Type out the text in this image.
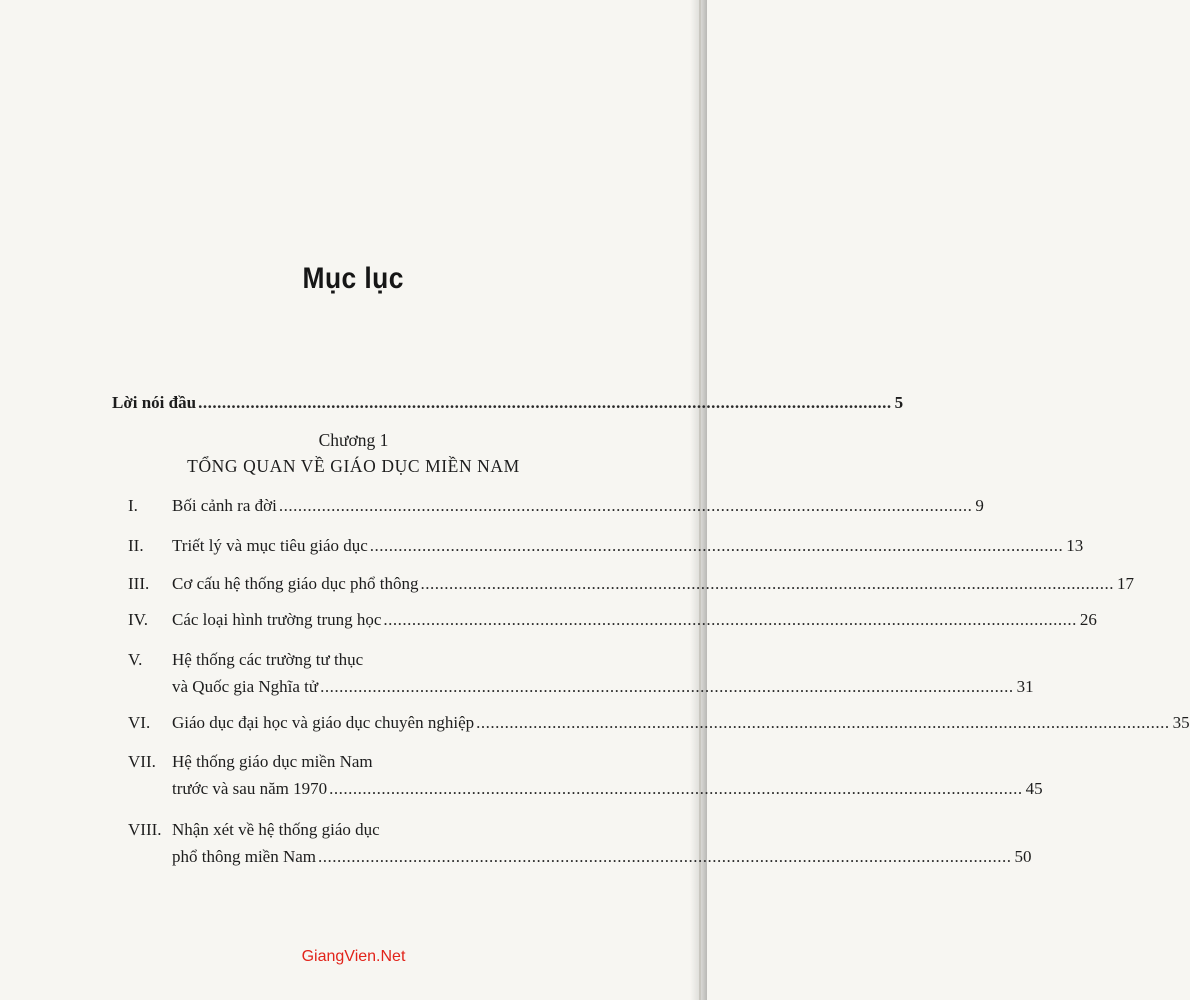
Mục lục
Lời nói đầu .................................................................................................................................................. 5
Chương 1
TỔNG QUAN VỀ GIÁO DỤC MIỀN NAM
I. Bối cảnh ra đời .................................................................................................................................................. 9
II. Triết lý và mục tiêu giáo dục .................................................................................................................................................. 13
III. Cơ cấu hệ thống giáo dục phổ thông .................................................................................................................................................. 17
IV. Các loại hình trường trung học .................................................................................................................................................. 26
V. Hệ thống các trường tư thục
và Quốc gia Nghĩa tử .................................................................................................................................................. 31
VI. Giáo dục đại học và giáo dục chuyên nghiệp .................................................................................................................................................. 35
VII. Hệ thống giáo dục miền Nam
trước và sau năm 1970 .................................................................................................................................................. 45
VIII. Nhận xét về hệ thống giáo dục
phổ thông miền Nam .................................................................................................................................................. 50
GiangVien.Net
